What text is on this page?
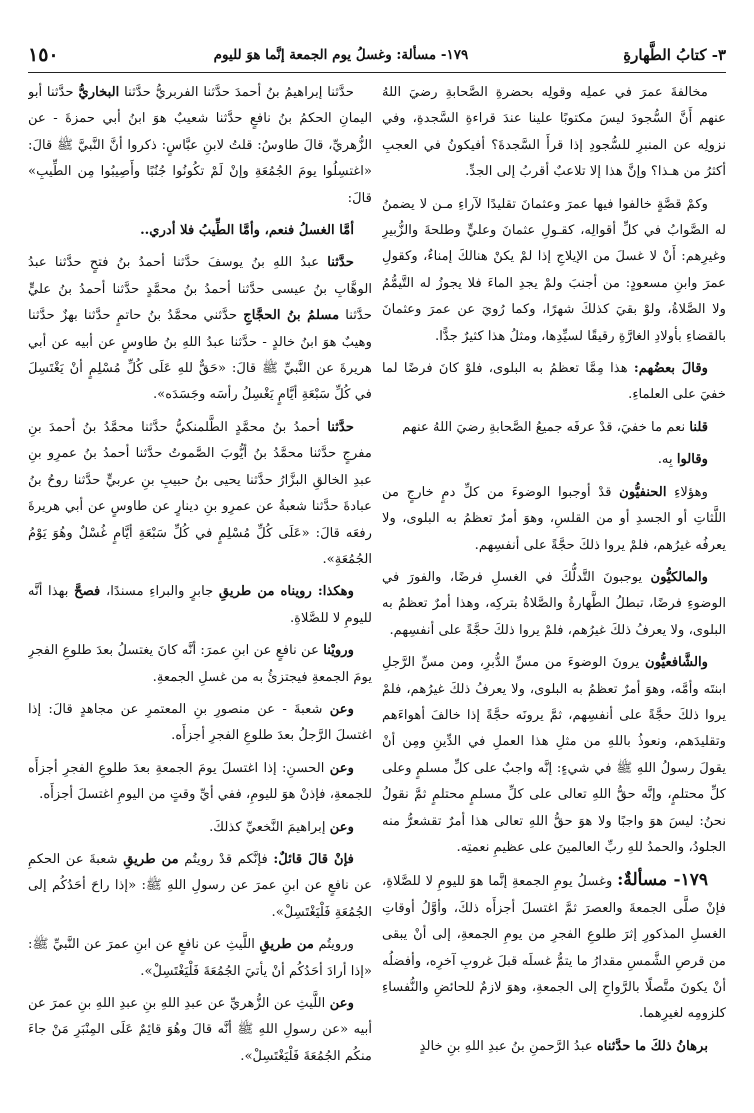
٣- كتابُ الطَّهارةِ
١٧٩- مسألة: وغسلُ يوم الجمعة إنَّما هوَ لليوم
١٥٠

مخالفةَ عمرَ في عملِه وقولِه بحضرةِ الصَّحابةِ رضيَ اللهُ عنهم أَنَّ السُّجودَ ليسَ مكتوبًا علينا عندَ قراءةِ السَّجدةِ، وفي نزولِه عن المنبرِ للسُّجودِ إذا قرأَ السَّجدةَ؟ أفيكونُ في العجبِ أكثرُ من هـذا؟ وإنَّ هذا إلا تلاعبٌ أقربُ إلى الجدِّ.

وكمْ قصَّةٍ خالفوا فيها عمرَ وعثمانَ تقليدًا لآراءِ مـن لا يضمنُ له الصَّوابُ في كلِّ أقوالِه، كقـولِ عثمانَ وعليٍّ وطلحةَ والزُّبيرِ وغيرِهم: أَنْ لا غسلَ من الإيلاجِ إذا لمْ يكنْ هنالكَ إمناءٌ، وكقولِ عمرَ وابنِ مسعودٍ: من أجنبَ ولمْ يجدِ الماءَ فلا يجوزُ له التَّيمُّمُ ولا الصَّلاةُ، ولوْ بقيَ كذلكَ شهرًا، وكما رُويَ عن عمرَ وعثمانَ بالقضاءِ بأولادِ الغارَّةِ رقيقًا لسيِّدِها، ومثلُ هذا كثيرٌ جدًّا.

وقالَ بعضُهم: هذا مِمَّا تعظمُ به البلوى، فلوْ كانَ فرضًا لما خفيَ على العلماءِ.

قلنا نعم ما خفيَ، قدْ عرفَه جميعُ الصَّحابةِ رضيَ اللهُ عنهم

وقالوا بِه.

وهؤلاءِ الحنفيُّون قدْ أوجبوا الوضوءَ من كلِّ دمٍ خارجٍ من اللَّثاتِ أو الجسدِ أو من القلسِ، وهوَ أمرٌ تعظمُ به البلوى، ولا يعرفُه غيرُهم، فلمْ يروا ذلكَ حجَّةً على أنفسِهم.

والمالكيُّون يوجبونَ التَّدلُّكَ في الغسلِ فرضًا، والفورَ في الوضوءِ فرضًا، تبطلُ الطَّهارةُ والصَّلاةُ بتركِه، وهذا أمرٌ تعظمُ به البلوى، ولا يعرفُ ذلكَ غيرُهم، فلمْ يروا ذلكَ حجَّةً على أنفسِهم.

والشَّافعيُّون يرونَ الوضوءَ من مسِّ الدُّبرِ، ومن مسِّ الرَّجلِ ابنتَه وأمَّه، وهوَ أمرٌ تعظمُ به البلوى، ولا يعرفُ ذلكَ غيرُهم، فلمْ يروا ذلكَ حجَّةً على أنفسِهم، ثمَّ يرونَه حجَّةً إذا خالفَ أهواءَهم وتقليدَهم، ونعوذُ باللهِ من مثلِ هذا العملِ في الدِّينِ ومِن أنْ يقولَ رسولُ اللهِ ﷺ في شيءٍ: إنَّه واجبٌ على كلِّ مسلمٍ وعلى كلِّ محتلمٍ، وإنَّه حقُّ اللهِ تعالى على كلِّ مسلمٍ محتلمٍ ثمَّ نقولُ نحنُ: ليسَ هوَ واجبًا ولا هوَ حقُّ اللهِ تعالى هذا أمرٌ تقشعرُّ منه الجلودُ، والحمدُ للهِ ربِّ العالمينَ على عظيمِ نعمتِه.

١٧٩- مسألةٌ: وغسلُ يومِ الجمعةِ إنَّما هوَ لليومِ لا للصَّلاةِ، فإنْ صلَّى الجمعةَ والعصرَ ثمَّ اغتسلَ أجزأَه ذلكَ، وأوَّلُ أوقاتِ الغسلِ المذكورِ إثرَ طلوعِ الفجرِ من يومِ الجمعةِ، إلى أنْ يبقى من قرصِ الشَّمسِ مقدارُ ما يتمُّ غسلَه قبلَ غروبِ آخرِه، وأفضلُه أنْ يكونَ متَّصلًا بالرَّواحِ إلى الجمعةِ، وهوَ لازمٌ للحائضِ والنُّفساءِ كلزومِه لغيرِهما.

برهانُ ذلكَ ما حدَّثناه عبدُ الرَّحمنِ بنُ عبدِ اللهِ بنِ خالدٍ

حدَّثنا إبراهيمُ بنُ أحمدَ حدَّثنا الفربريُّ حدَّثنا البخاريُّ حدَّثنا أبو اليمانِ الحكمُ بنُ نافعٍ حدَّثنا شعيبٌ هوَ ابنُ أبي حمزةَ - عن الزُّهريِّ، قالَ طاوسُ: قلتُ لابنِ عبَّاسٍ: ذكروا أنَّ النَّبيَّ ﷺ قالَ: «اغتسِلُوا يومَ الجُمُعَةِ وإنْ لَمْ تكُونُوا جُنُبًا وأَصِيبُوا مِن الطِّيبِ» قالَ:

أمَّا الغسلُ فنعم، وأمَّا الطِّيبُ فلا أدري..

حدَّثنا عبدُ اللهِ بنُ يوسفَ حدَّثنا أحمدُ بنُ فتحٍ حدَّثنا عبدُ الوهَّابِ بنُ عيسى حدَّثنا أحمدُ بنُ محمَّدٍ حدَّثنا أحمدُ بنُ عليٍّ حدَّثنا مسلمُ بنُ الحجَّاجِ حدَّثني محمَّدُ بنُ حاتمٍ حدَّثنا بهزٌ حدَّثنا وهيبٌ هوَ ابنُ خالدٍ - حدَّثنا عبدُ اللهِ بنُ طاوسٍ عن أبيه عن أبي هريرةَ عن النَّبيِّ ﷺ قالَ: «حَقٌّ للهِ عَلَى كُلِّ مُسْلِمٍ أنْ يَغْتَسِلَ في كُلِّ سَبْعَةِ أيَّامٍ يَغْسِلُ رأسَه وجَسَدَه».

حدَّثنا أحمدُ بنُ محمَّدٍ الطَّلمنكيُّ حدَّثنا محمَّدُ بنُ أحمدَ بنِ مفرجٍ حدَّثنا محمَّدُ بنُ أيُّوبَ الصَّموتُ حدَّثنا أحمدُ بنُ عمرِو بنِ عبدِ الخالقِ البزَّارُ حدَّثنا يحيى بنُ حبيبِ بنِ عربيٍّ حدَّثنا روحُ بنُ عبادةَ حدَّثنا شعبةُ عن عمرِو بنِ دينارٍ عن طاوسٍ عن أبي هريرةَ رفعَه قالَ: «عَلَى كُلِّ مُسْلِمٍ في كُلِّ سَبْعَةِ أيَّامٍ غُسْلٌ وهُوَ يَوْمُ الجُمُعَةِ».

وهكذا: رويناه من طريقِ جابرٍ والبراءِ مسندًا، فصحَّ بهذا أنَّه لليومِ لا للصَّلاةِ.

ورويْنا عن نافعٍ عن ابنِ عمرَ: أنَّه كانَ يغتسلُ بعدَ طلوعِ الفجرِ يومَ الجمعةِ فيجتزئُ به من غسلِ الجمعةِ.

وعن شعبةَ - عن منصورِ بنِ المعتمرِ عن مجاهدٍ قالَ: إذا اغتسلَ الرَّجلُ بعدَ طلوعِ الفجرِ أجزأَه.

وعن الحسنِ: إذا اغتسلَ يومَ الجمعةِ بعدَ طلوعِ الفجرِ أجزأَه للجمعةِ، فإذنْ هوَ لليومِ، ففي أيِّ وقتٍ من اليومِ اغتسلَ أجزأَه.

وعن إبراهيمَ النَّخعيِّ كذلكَ.

فإنْ قالَ قائلٌ: فإنَّكم قدْ رويتُم من طريقِ شعبةَ عن الحكمِ عن نافعٍ عن ابنِ عمرَ عن رسولِ اللهِ ﷺ: «إذا راحَ أحَدُكُم إلى الجُمُعَةِ فَلْيَغْتَسِلْ».

ورويتُم من طريقِ اللَّيثِ عن نافعٍ عن ابنِ عمرَ عن النَّبيِّ ﷺ: «إذا أرادَ أحَدُكُم أنْ يأتيَ الجُمُعَةَ فَلْيَغْتَسِلْ».

وعن اللَّيثِ عن الزُّهريِّ عن عبدِ اللهِ بنِ عبدِ اللهِ بنِ عمرَ عن أبيه «عن رسولِ اللهِ ﷺ أنَّه قالَ وهُوَ قائِمٌ عَلَى المِنْبَرِ مَنْ جاءَ منكُم الجُمُعَةَ فَلْيَغْتَسِلْ».
